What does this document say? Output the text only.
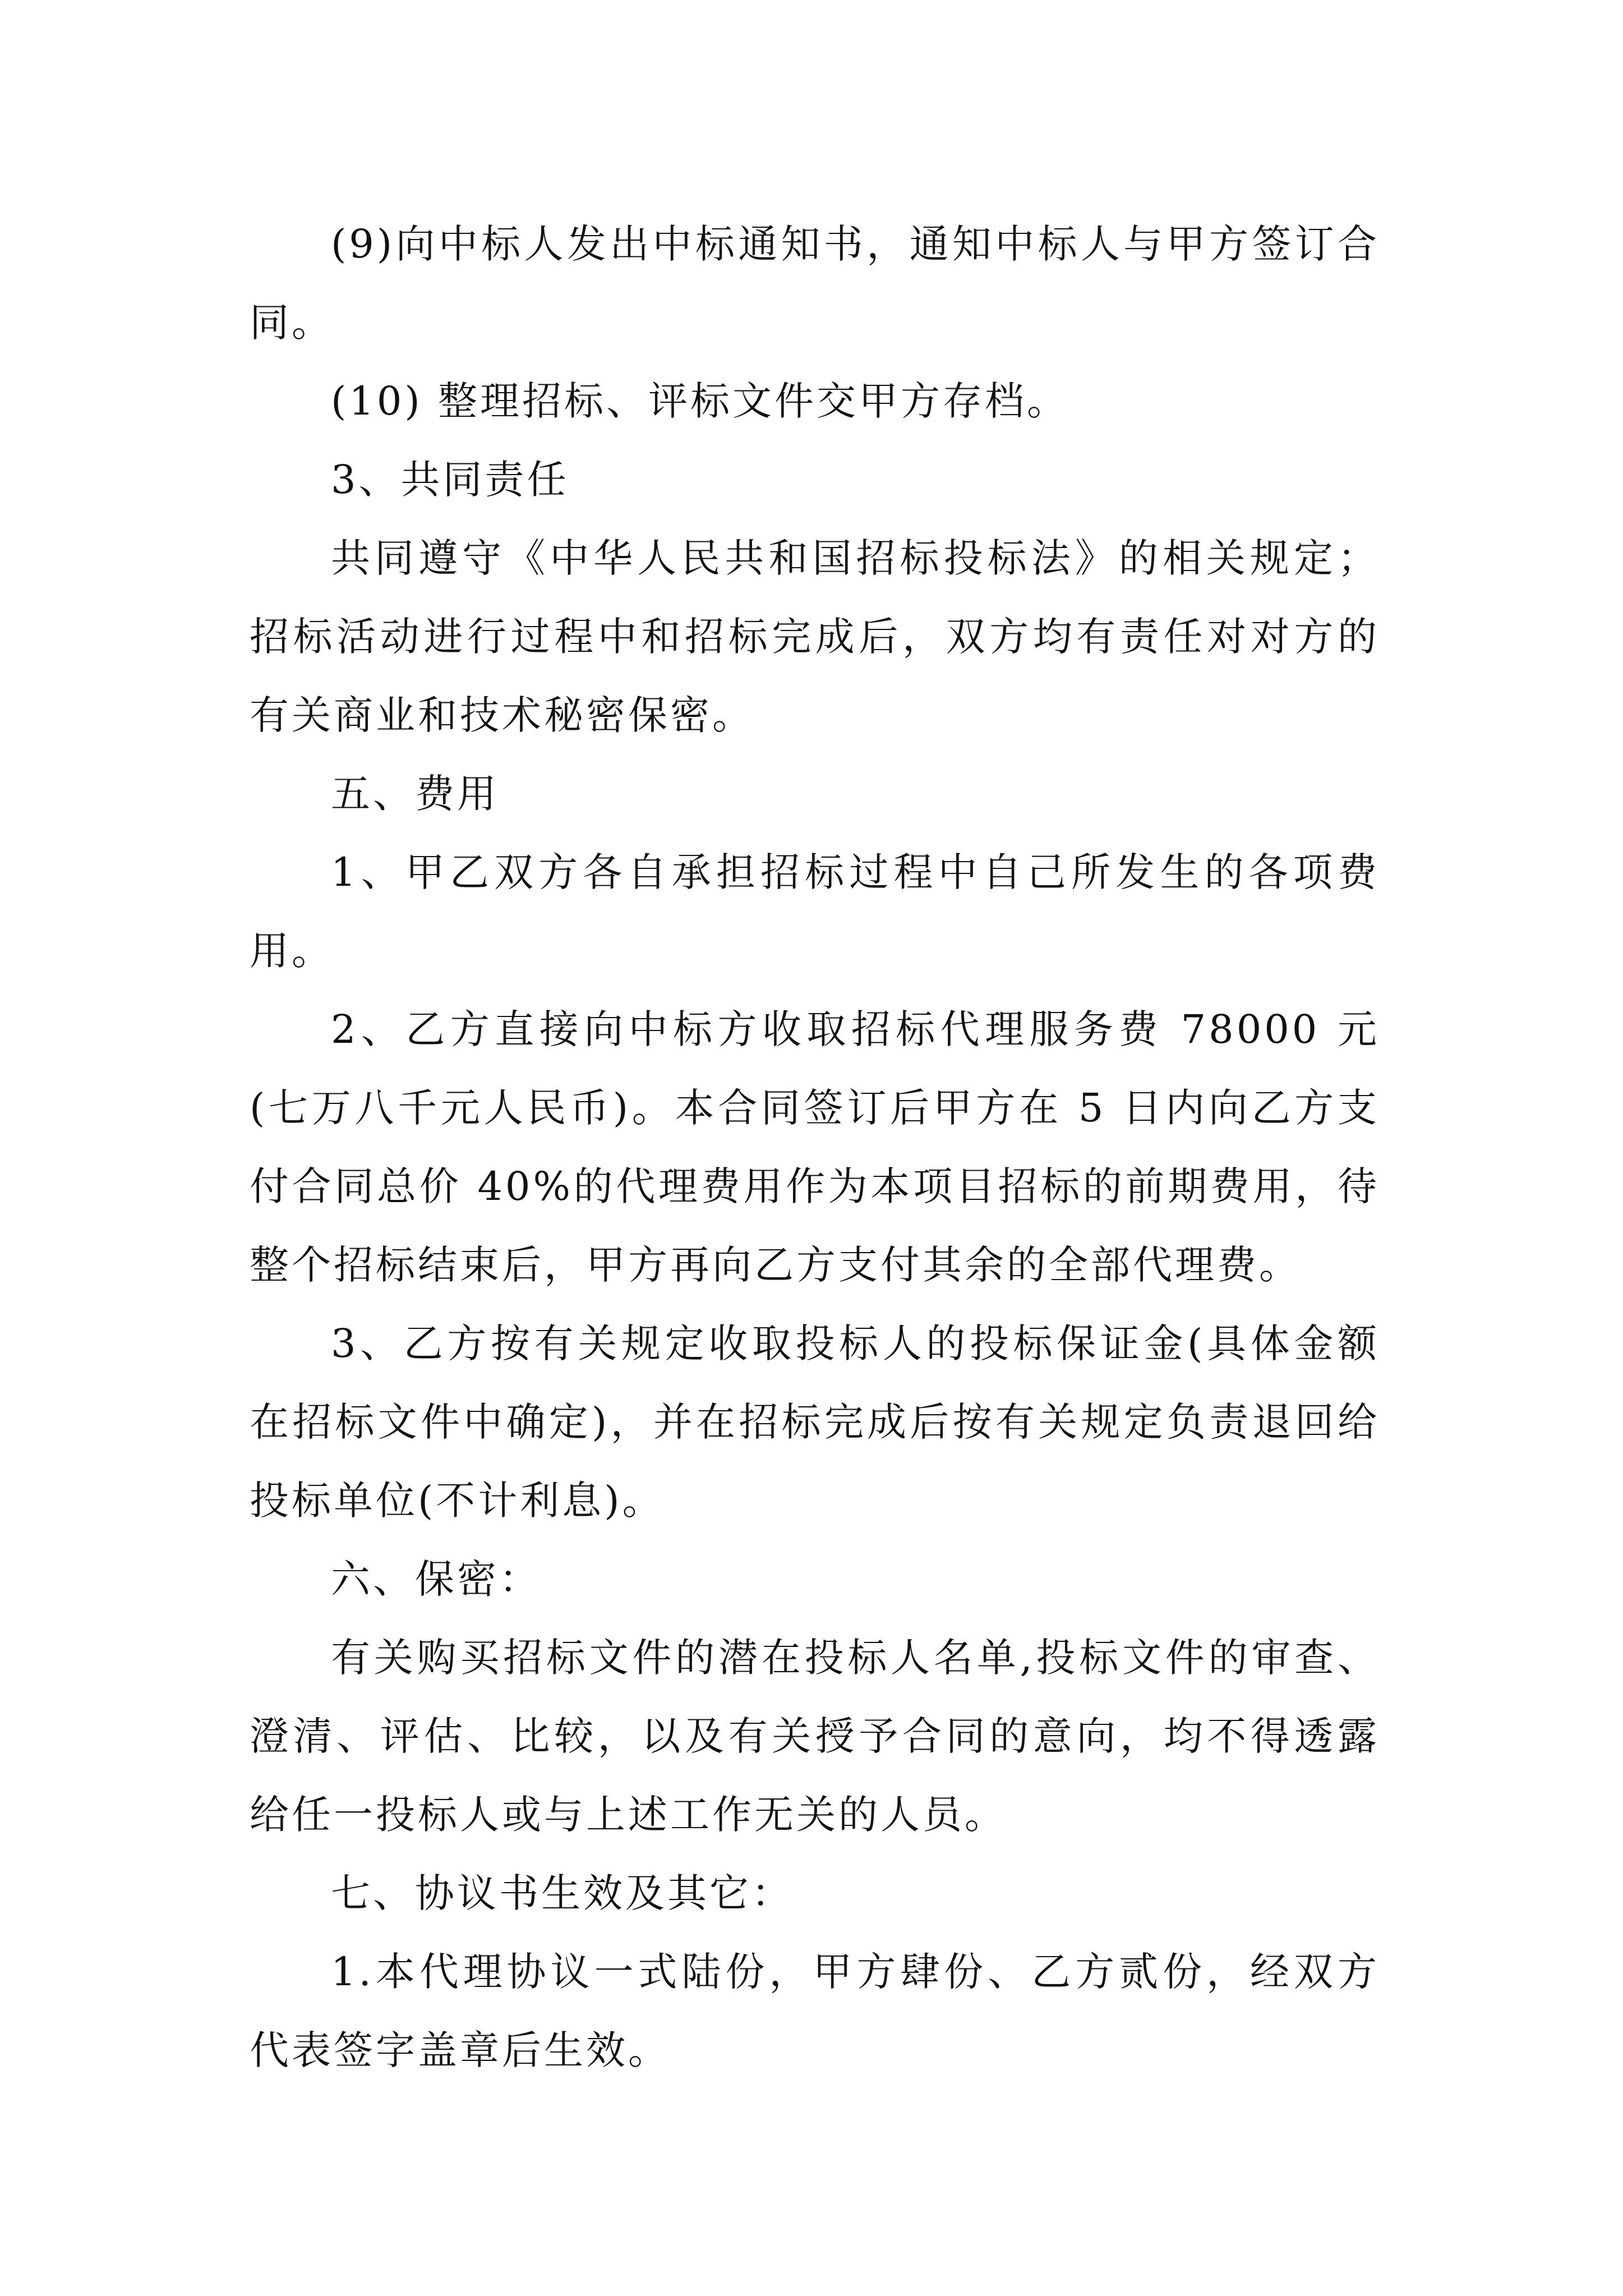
(9)向中标人发出中标通知书，通知中标人与甲方签订合同。

(10) 整理招标、评标文件交甲方存档。

3、共同责任

共同遵守《中华人民共和国招标投标法》的相关规定；招标活动进行过程中和招标完成后，双方均有责任对对方的有关商业和技术秘密保密。

五、费用

1、甲乙双方各自承担招标过程中自己所发生的各项费用。

2、乙方直接向中标方收取招标代理服务费 78000 元(七万八千元人民币)。本合同签订后甲方在 5 日内向乙方支付合同总价 40%的代理费用作为本项目招标的前期费用，待整个招标结束后，甲方再向乙方支付其余的全部代理费。

3、乙方按有关规定收取投标人的投标保证金(具体金额在招标文件中确定)，并在招标完成后按有关规定负责退回给投标单位(不计利息)。

六、保密：

有关购买招标文件的潜在投标人名单,投标文件的审查、澄清、评估、比较，以及有关授予合同的意向，均不得透露给任一投标人或与上述工作无关的人员。

七、协议书生效及其它：

1.本代理协议一式陆份，甲方肆份、乙方贰份，经双方代表签字盖章后生效。
